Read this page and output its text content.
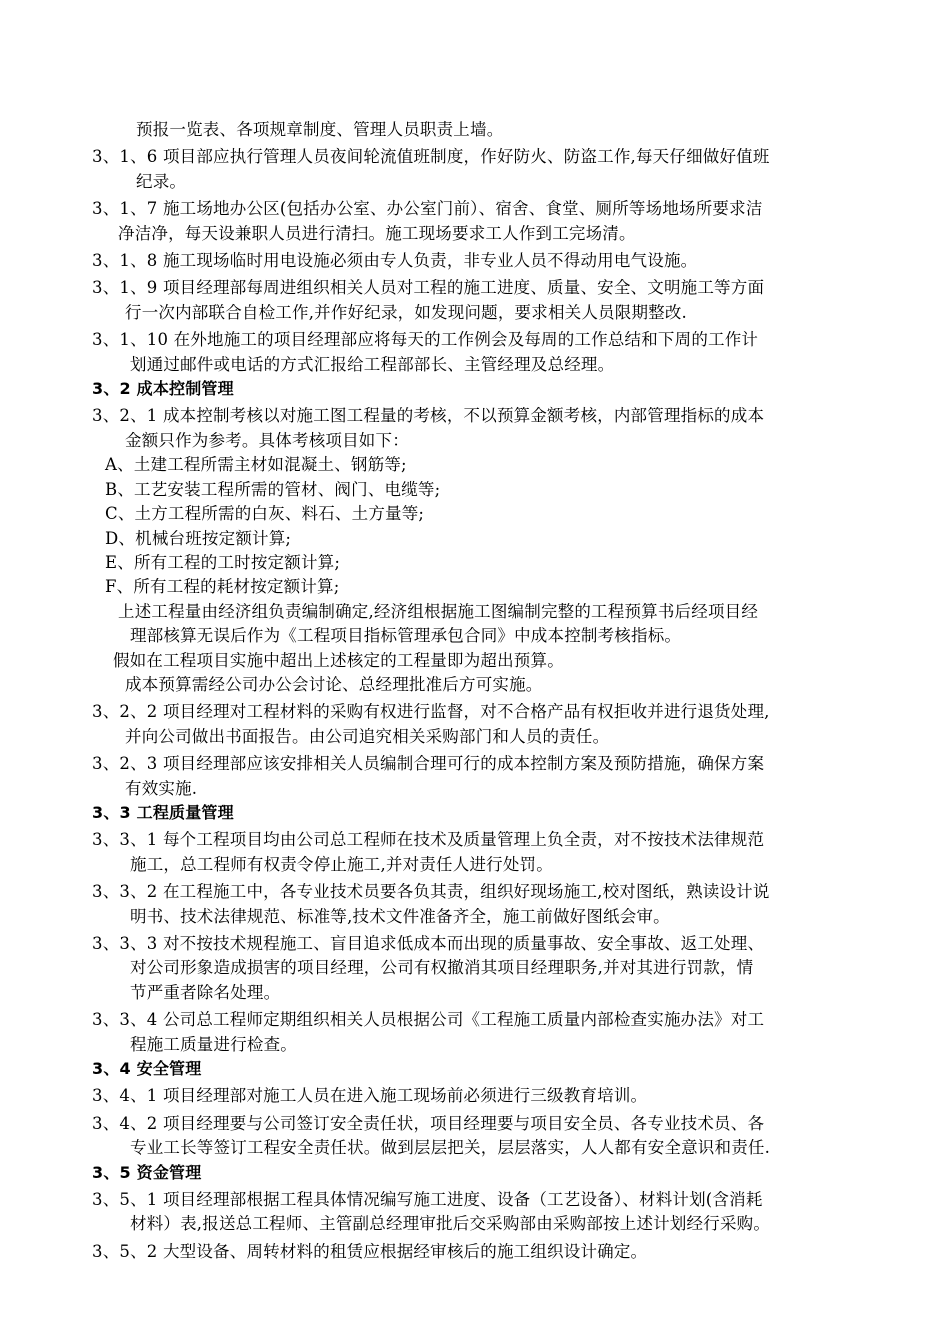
预报一览表、各项规章制度、管理人员职责上墙。
3、1、6 项目部应执行管理人员夜间轮流值班制度，作好防火、防盗工作,每天仔细做好值班
纪录。
3、1、7 施工场地办公区(包括办公室、办公室门前）、宿舍、食堂、厕所等场地场所要求洁
净洁净，每天设兼职人员进行清扫。施工现场要求工人作到工完场清。
3、1、8 施工现场临时用电设施必须由专人负责，非专业人员不得动用电气设施。
3、1、9 项目经理部每周进组织相关人员对工程的施工进度、质量、安全、文明施工等方面
行一次内部联合自检工作,并作好纪录，如发现问题，要求相关人员限期整改.
3、1、10 在外地施工的项目经理部应将每天的工作例会及每周的工作总结和下周的工作计
划通过邮件或电话的方式汇报给工程部部长、主管经理及总经理。
3、2 成本控制管理
3、2、1 成本控制考核以对施工图工程量的考核，不以预算金额考核，内部管理指标的成本
金额只作为参考。具体考核项目如下：
A、土建工程所需主材如混凝土、钢筋等;
B、工艺安装工程所需的管材、阀门、电缆等;
C、土方工程所需的白灰、料石、土方量等;
D、机械台班按定额计算;
E、所有工程的工时按定额计算;
F、所有工程的耗材按定额计算;
上述工程量由经济组负责编制确定,经济组根据施工图编制完整的工程预算书后经项目经
理部核算无误后作为《工程项目指标管理承包合同》中成本控制考核指标。
假如在工程项目实施中超出上述核定的工程量即为超出预算。
成本预算需经公司办公会讨论、总经理批准后方可实施。
3、2、2 项目经理对工程材料的采购有权进行监督，对不合格产品有权拒收并进行退货处理,
并向公司做出书面报告。由公司追究相关采购部门和人员的责任。
3、2、3 项目经理部应该安排相关人员编制合理可行的成本控制方案及预防措施，确保方案
有效实施.
3、3 工程质量管理
3、3、1 每个工程项目均由公司总工程师在技术及质量管理上负全责，对不按技术法律规范
施工，总工程师有权责令停止施工,并对责任人进行处罚。
3、3、2 在工程施工中，各专业技术员要各负其责，组织好现场施工,校对图纸，熟读设计说
明书、技术法律规范、标准等,技术文件准备齐全，施工前做好图纸会审。
3、3、3 对不按技术规程施工、盲目追求低成本而出现的质量事故、安全事故、返工处理、
对公司形象造成损害的项目经理，公司有权撤消其项目经理职务,并对其进行罚款，情
节严重者除名处理。
3、3、4 公司总工程师定期组织相关人员根据公司《工程施工质量内部检查实施办法》对工
程施工质量进行检查。
3、4 安全管理
3、4、1 项目经理部对施工人员在进入施工现场前必须进行三级教育培训。
3、4、2 项目经理要与公司签订安全责任状，项目经理要与项目安全员、各专业技术员、各
专业工长等签订工程安全责任状。做到层层把关，层层落实，人人都有安全意识和责任.
3、5 资金管理
3、5、1 项目经理部根据工程具体情况编写施工进度、设备（工艺设备）、材料计划(含消耗
材料）表,报送总工程师、主管副总经理审批后交采购部由采购部按上述计划经行采购。
3、5、2 大型设备、周转材料的租赁应根据经审核后的施工组织设计确定。
